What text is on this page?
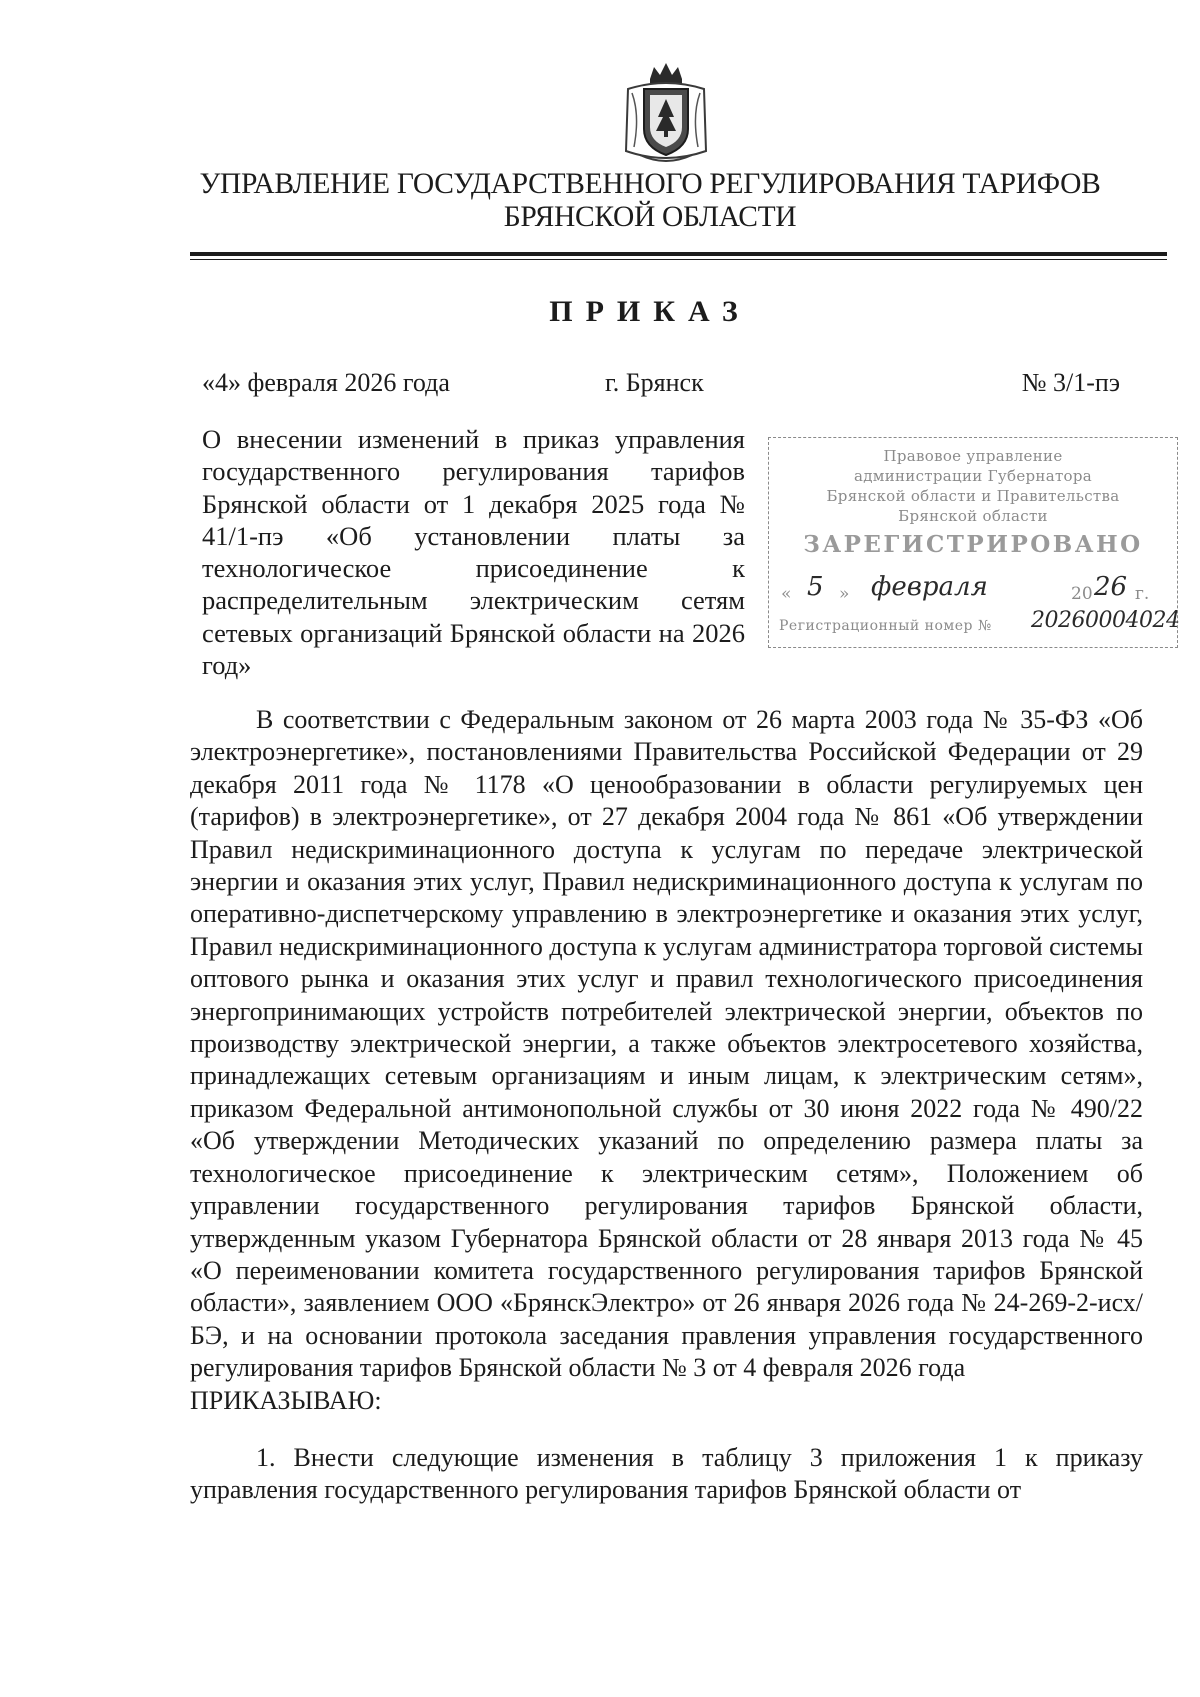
УПРАВЛЕНИЕ ГОСУДАРСТВЕННОГО РЕГУЛИРОВАНИЯ ТАРИФОВ
БРЯНСКОЙ ОБЛАСТИ
ПРИКАЗ
«4» февраля 2026 года	г. Брянск	№ 3/1-пэ

О внесении изменений в приказ управления государственного регулирования тарифов Брянской области от 1 декабря 2025 года № 41/1-пэ «Об установлении платы за технологическое присоединение к распределительным электрическим сетям сетевых организаций Брянской области на 2026 год»

Правовое управление
администрации Губернатора
Брянской области и Правительства
Брянской области
ЗАРЕГИСТРИРОВАНО
« 5 » февраля	20 26 г.
Регистрационный номер № 20260004024

В соответствии с Федеральным законом от 26 марта 2003 года № 35-ФЗ «Об электроэнергетике», постановлениями Правительства Российской Федерации от 29 декабря 2011 года № 1178 «О ценообразовании в области регулируемых цен (тарифов) в электроэнергетике», от 27 декабря 2004 года № 861 «Об утверждении Правил недискриминационного доступа к услугам по передаче электрической энергии и оказания этих услуг, Правил недискриминационного доступа к услугам по оперативно-диспетчерскому управлению в электроэнергетике и оказания этих услуг, Правил недискриминационного доступа к услугам администратора торговой системы оптового рынка и оказания этих услуг и правил технологического присоединения энергопринимающих устройств потребителей электрической энергии, объектов по производству электрической энергии, а также объектов электросетевого хозяйства, принадлежащих сетевым организациям и иным лицам, к электрическим сетям», приказом Федеральной антимонопольной службы от 30 июня 2022 года № 490/22 «Об утверждении Методических указаний по определению размера платы за технологическое присоединение к электрическим сетям», Положением об управлении государственного регулирования тарифов Брянской области, утвержденным указом Губернатора Брянской области от 28 января 2013 года № 45 «О переименовании комитета государственного регулирования тарифов Брянской области», заявлением ООО «БрянскЭлектро» от 26 января 2026 года № 24-269-2-исх/БЭ, и на основании протокола заседания правления управления государственного регулирования тарифов Брянской области № 3 от 4 февраля 2026 года

ПРИКАЗЫВАЮ:

1. Внести следующие изменения в таблицу 3 приложения 1 к приказу управления государственного регулирования тарифов Брянской области от
